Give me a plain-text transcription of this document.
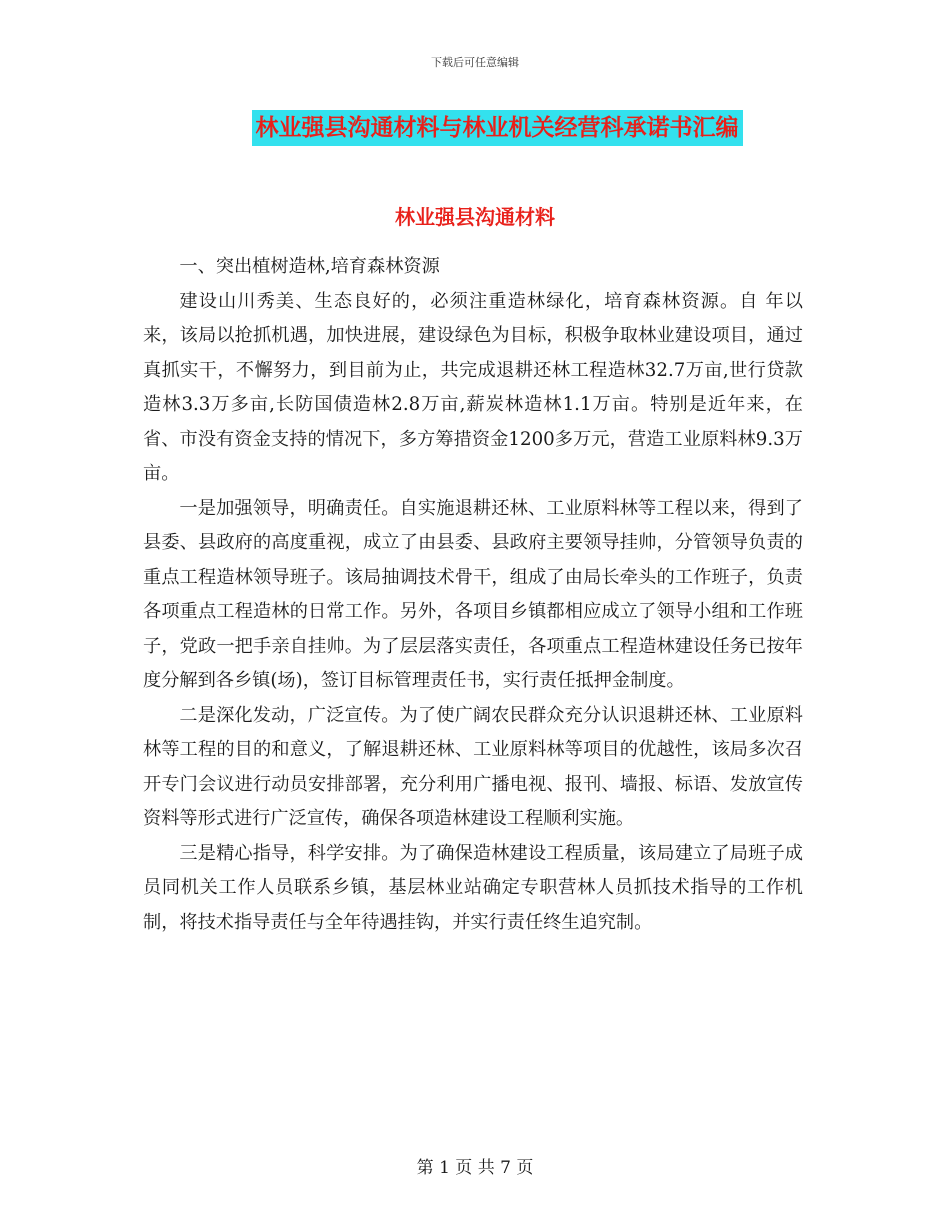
下载后可任意编辑
林业强县沟通材料与林业机关经营科承诺书汇编
林业强县沟通材料

一、突出植树造林,培育森林资源

建设山川秀美、生态良好的，必须注重造林绿化，培育森林资源。自 年以来，该局以抢抓机遇，加快进展，建设绿色为目标，积极争取林业建设项目，通过真抓实干，不懈努力，到目前为止，共完成退耕还林工程造林32.7万亩,世行贷款造林3.3万多亩,长防国债造林2.8万亩,薪炭林造林1.1万亩。特别是近年来，在省、市没有资金支持的情况下，多方筹措资金1200多万元，营造工业原料林9.3万亩。

一是加强领导，明确责任。自实施退耕还林、工业原料林等工程以来，得到了县委、县政府的高度重视，成立了由县委、县政府主要领导挂帅，分管领导负责的重点工程造林领导班子。该局抽调技术骨干，组成了由局长牵头的工作班子，负责各项重点工程造林的日常工作。另外，各项目乡镇都相应成立了领导小组和工作班子，党政一把手亲自挂帅。为了层层落实责任，各项重点工程造林建设任务已按年度分解到各乡镇(场)，签订目标管理责任书，实行责任抵押金制度。

二是深化发动，广泛宣传。为了使广阔农民群众充分认识退耕还林、工业原料林等工程的目的和意义，了解退耕还林、工业原料林等项目的优越性，该局多次召开专门会议进行动员安排部署，充分利用广播电视、报刊、墙报、标语、发放宣传资料等形式进行广泛宣传，确保各项造林建设工程顺利实施。

三是精心指导，科学安排。为了确保造林建设工程质量，该局建立了局班子成员同机关工作人员联系乡镇，基层林业站确定专职营林人员抓技术指导的工作机制，将技术指导责任与全年待遇挂钩，并实行责任终生追究制。

第 1 页 共 7 页
